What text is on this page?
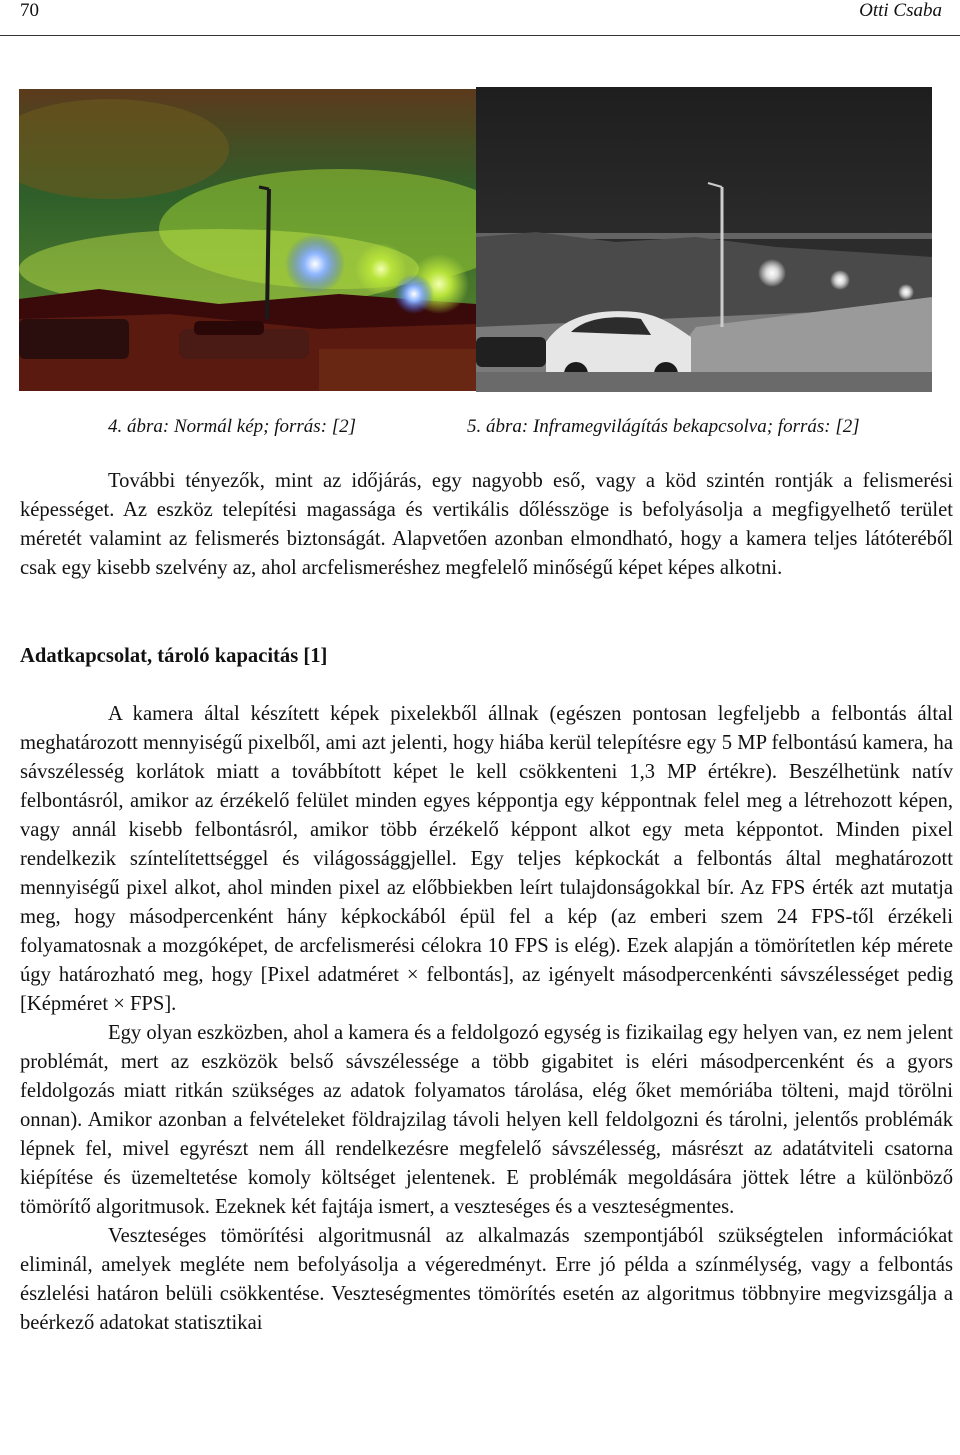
70	Otti Csaba
4. ábra: Normál kép; forrás: [2]	5. ábra: Inframegvilágítás bekapcsolva; forrás: [2]

További tényezők, mint az időjárás, egy nagyobb eső, vagy a köd szintén rontják a felismerési képességet. Az eszköz telepítési magassága és vertikális dőlésszöge is befolyásolja a megfigyelhető terület méretét valamint az felismerés biztonságát. Alapvetően azonban elmondható, hogy a kamera teljes látóteréből csak egy kisebb szelvény az, ahol arcfelismeréshez megfelelő minőségű képet képes alkotni.

Adatkapcsolat, tároló kapacitás [1]

A kamera által készített képek pixelekből állnak (egészen pontosan legfeljebb a felbontás által meghatározott mennyiségű pixelből, ami azt jelenti, hogy hiába kerül telepítésre egy 5 MP felbontású kamera, ha sávszélesség korlátok miatt a továbbított képet le kell csökkenteni 1,3 MP értékre). Beszélhetünk natív felbontásról, amikor az érzékelő felület minden egyes képpontja egy képpontnak felel meg a létrehozott képen, vagy annál kisebb felbontásról, amikor több érzékelő képpont alkot egy meta képpontot. Minden pixel rendelkezik színtelítettséggel és világossággjellel. Egy teljes képkockát a felbontás által meghatározott mennyiségű pixel alkot, ahol minden pixel az előbbiekben leírt tulajdonságokkal bír. Az FPS érték azt mutatja meg, hogy másodpercenként hány képkockából épül fel a kép (az emberi szem 24 FPS-től érzékeli folyamatosnak a mozgóképet, de arcfelismerési célokra 10 FPS is elég). Ezek alapján a tömörítetlen kép mérete úgy határozható meg, hogy [Pixel adatméret × felbontás], az igényelt másodpercenkénti sávszélességet pedig [Képméret × FPS].

Egy olyan eszközben, ahol a kamera és a feldolgozó egység is fizikailag egy helyen van, ez nem jelent problémát, mert az eszközök belső sávszélessége a több gigabitet is eléri másodpercenként és a gyors feldolgozás miatt ritkán szükséges az adatok folyamatos tárolása, elég őket memóriába tölteni, majd törölni onnan). Amikor azonban a felvételeket földrajzilag távoli helyen kell feldolgozni és tárolni, jelentős problémák lépnek fel, mivel egyrészt nem áll rendelkezésre megfelelő sávszélesség, másrészt az adatátviteli csatorna kiépítése és üzemeltetése komoly költséget jelentenek. E problémák megoldására jöttek létre a különböző tömörítő algoritmusok. Ezeknek két fajtája ismert, a veszteséges és a veszteségmentes.

Veszteséges tömörítési algoritmusnál az alkalmazás szempontjából szükségtelen információkat eliminál, amelyek megléte nem befolyásolja a végeredményt. Erre jó példa a színmélység, vagy a felbontás észlelési határon belüli csökkentése. Veszteségmentes tömörítés esetén az algoritmus többnyire megvizsgálja a beérkező adatokat statisztikai
